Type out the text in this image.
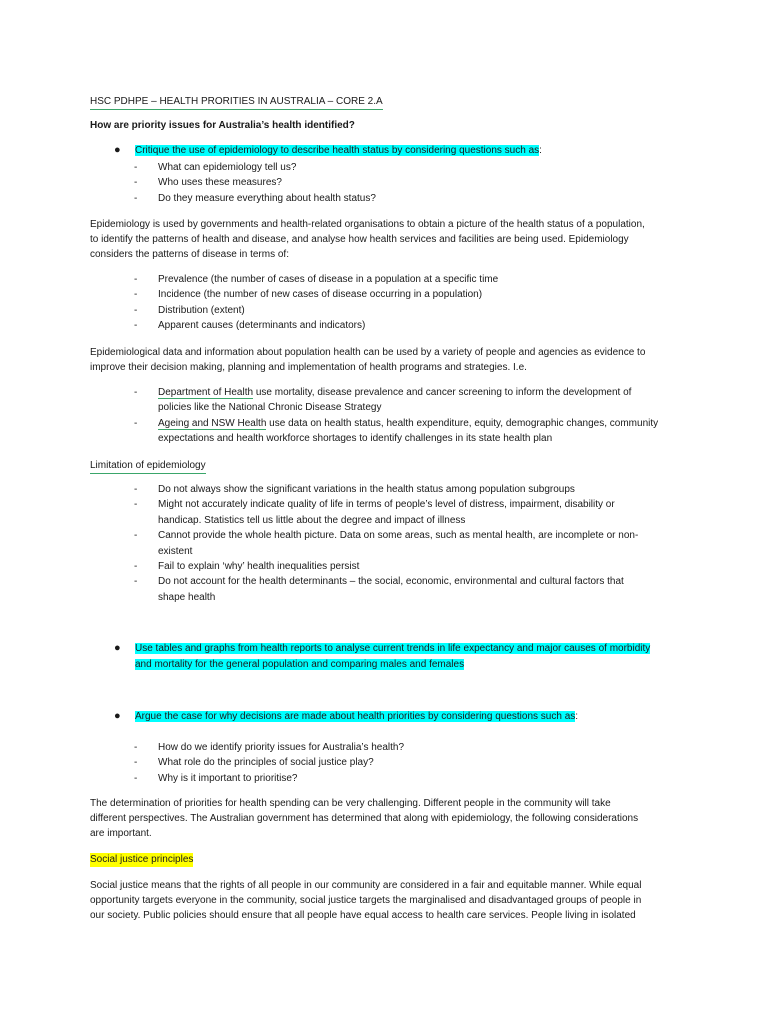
HSC PDHPE – HEALTH PRORITIES IN AUSTRALIA – CORE 2.A
How are priority issues for Australia’s health identified?
● Critique the use of epidemiology to describe health status by considering questions such as:
- What can epidemiology tell us?
- Who uses these measures?
- Do they measure everything about health status?
Epidemiology is used by governments and health-related organisations to obtain a picture of the health status of a population,
to identify the patterns of health and disease, and analyse how health services and facilities are being used. Epidemiology
considers the patterns of disease in terms of:
- Prevalence (the number of cases of disease in a population at a specific time
- Incidence (the number of new cases of disease occurring in a population)
- Distribution (extent)
- Apparent causes (determinants and indicators)
Epidemiological data and information about population health can be used by a variety of people and agencies as evidence to
improve their decision making, planning and implementation of health programs and strategies. I.e.
- Department of Health use mortality, disease prevalence and cancer screening to inform the development of
policies like the National Chronic Disease Strategy
- Ageing and NSW Health use data on health status, health expenditure, equity, demographic changes, community
expectations and health workforce shortages to identify challenges in its state health plan
Limitation of epidemiology
- Do not always show the significant variations in the health status among population subgroups
- Might not accurately indicate quality of life in terms of people’s level of distress, impairment, disability or
handicap. Statistics tell us little about the degree and impact of illness
- Cannot provide the whole health picture. Data on some areas, such as mental health, are incomplete or non-
existent
- Fail to explain ‘why’ health inequalities persist
- Do not account for the health determinants – the social, economic, environmental and cultural factors that
shape health
● Use tables and graphs from health reports to analyse current trends in life expectancy and major causes of morbidity
and mortality for the general population and comparing males and females
● Argue the case for why decisions are made about health priorities by considering questions such as:
- How do we identify priority issues for Australia’s health?
- What role do the principles of social justice play?
- Why is it important to prioritise?
The determination of priorities for health spending can be very challenging. Different people in the community will take
different perspectives. The Australian government has determined that along with epidemiology, the following considerations
are important.
Social justice principles
Social justice means that the rights of all people in our community are considered in a fair and equitable manner. While equal
opportunity targets everyone in the community, social justice targets the marginalised and disadvantaged groups of people in
our society. Public policies should ensure that all people have equal access to health care services. People living in isolated
